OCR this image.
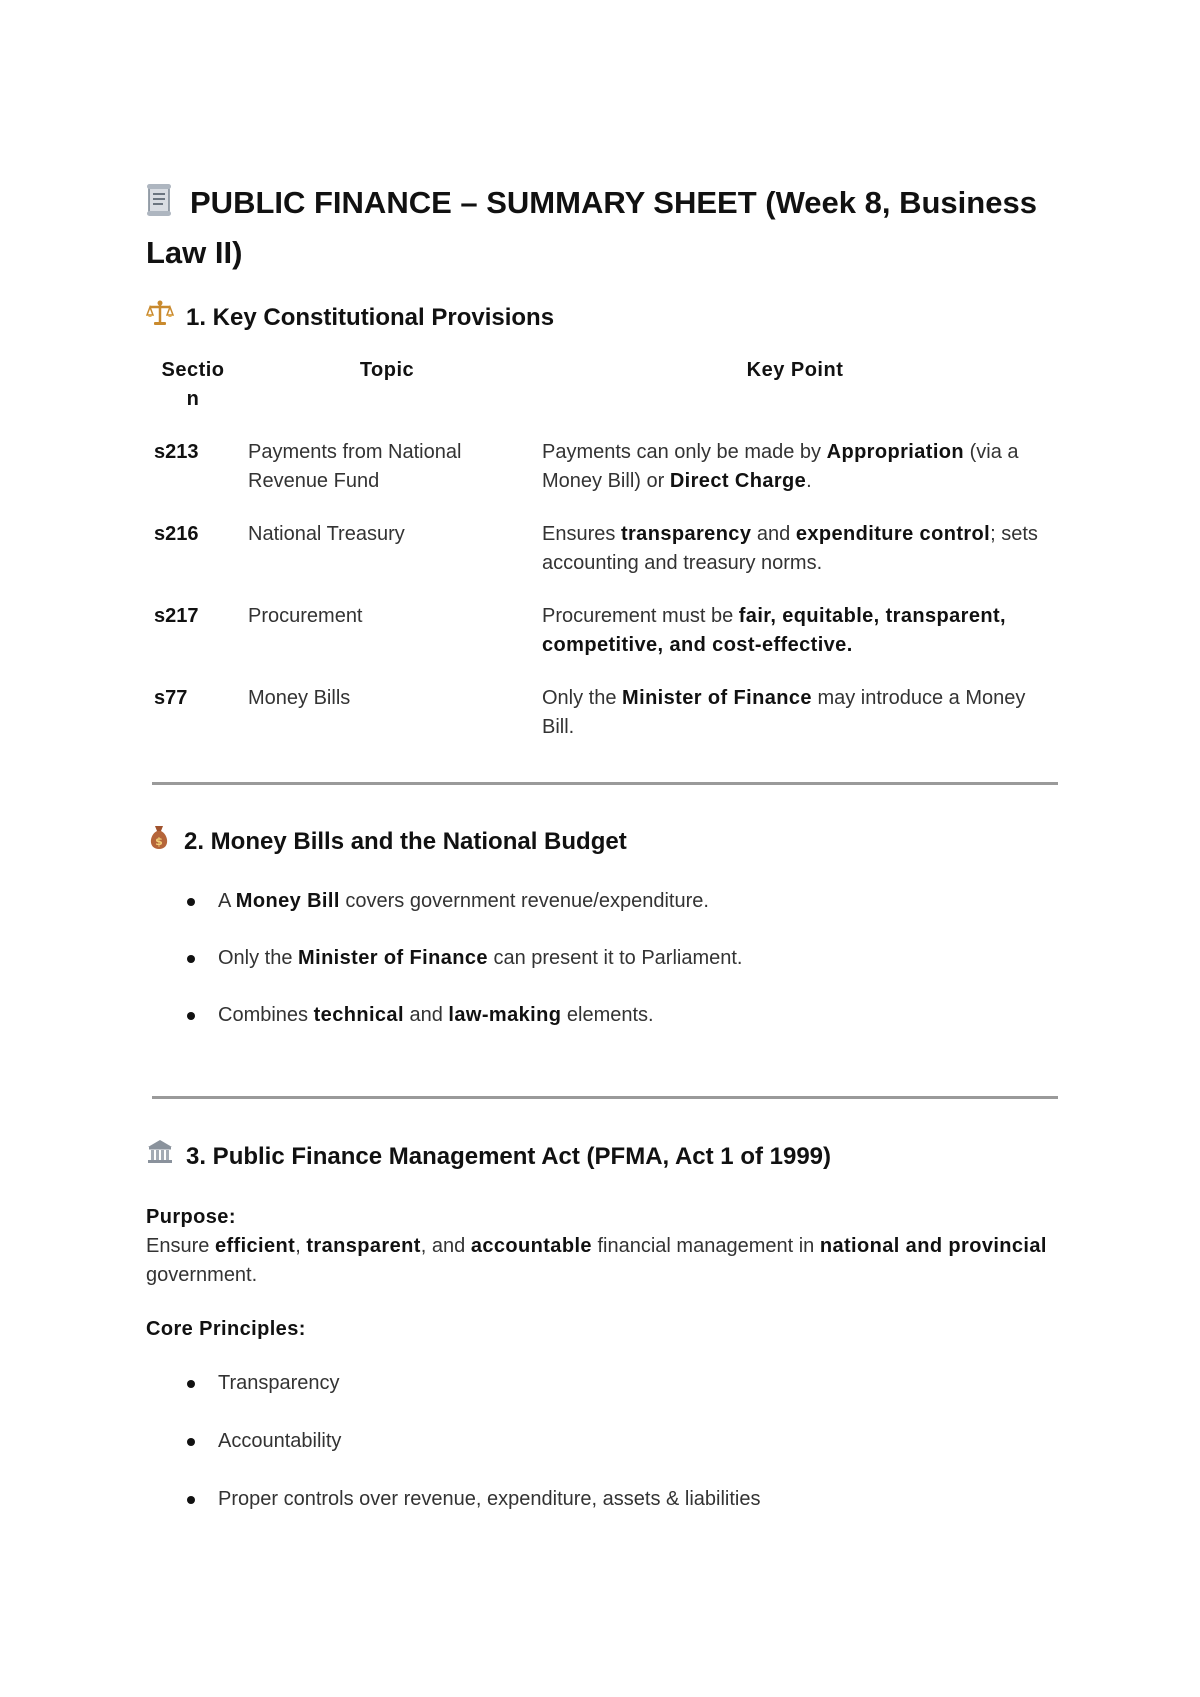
PUBLIC FINANCE – SUMMARY SHEET (Week 8, Business Law II)
1. Key Constitutional Provisions
Section	Topic	Key Point
s213	Payments from National Revenue Fund	Payments can only be made by Appropriation (via a Money Bill) or Direct Charge.
s216	National Treasury	Ensures transparency and expenditure control; sets accounting and treasury norms.
s217	Procurement	Procurement must be fair, equitable, transparent, competitive, and cost-effective.
s77	Money Bills	Only the Minister of Finance may introduce a Money Bill.
$ 2. Money Bills and the National Budget
A Money Bill covers government revenue/expenditure.
Only the Minister of Finance can present it to Parliament.
Combines technical and law-making elements.
3. Public Finance Management Act (PFMA, Act 1 of 1999)

Purpose:

Ensure efficient, transparent, and accountable financial management in national and provincial government.

Core Principles:

Transparency
Accountability
Proper controls over revenue, expenditure, assets & liabilities
